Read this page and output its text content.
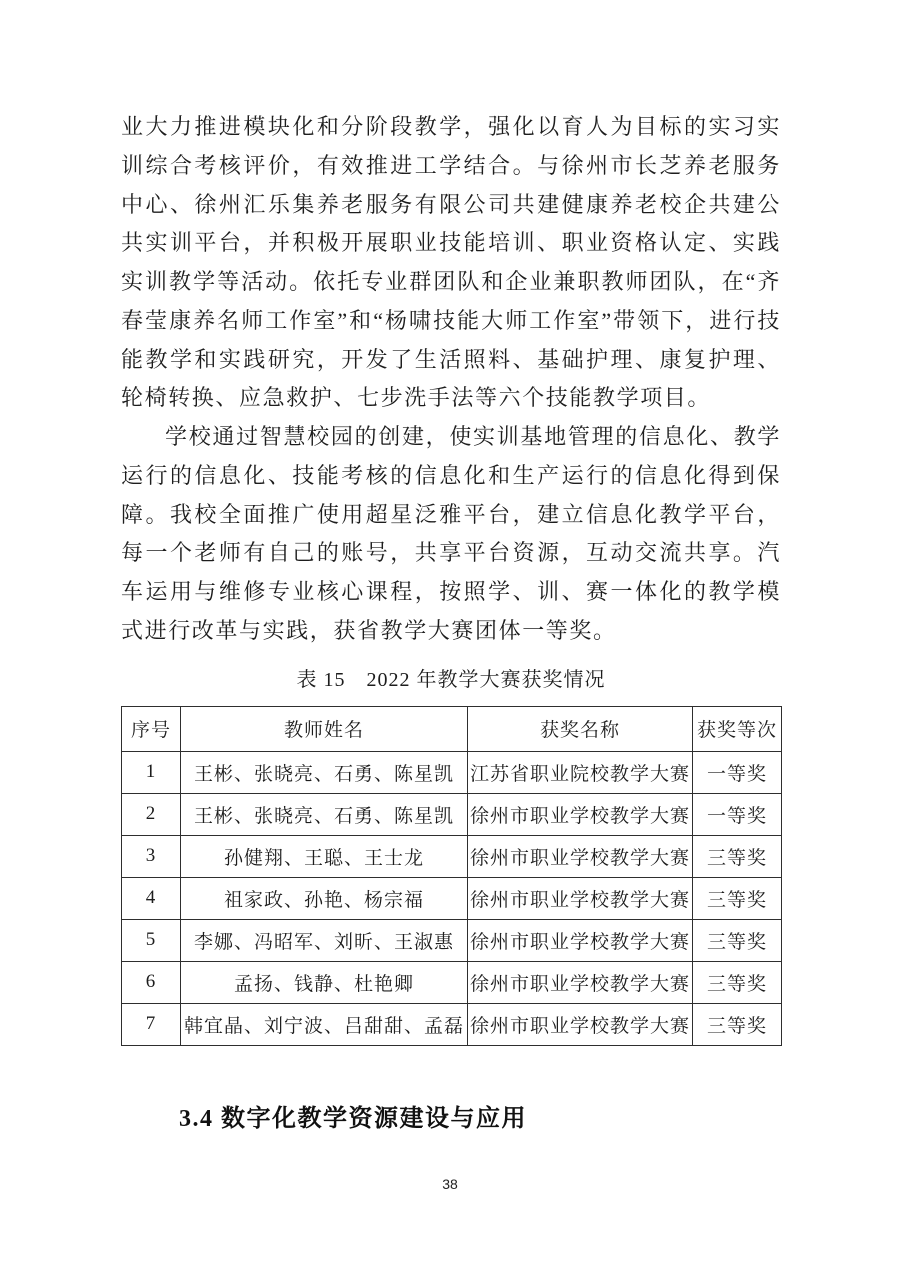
业大力推进模块化和分阶段教学，强化以育人为目标的实习实训综合考核评价，有效推进工学结合。与徐州市长芝养老服务中心、徐州汇乐集养老服务有限公司共建健康养老校企共建公共实训平台，并积极开展职业技能培训、职业资格认定、实践实训教学等活动。依托专业群团队和企业兼职教师团队，在“齐春莹康养名师工作室”和“杨啸技能大师工作室”带领下，进行技能教学和实践研究，开发了生活照料、基础护理、康复护理、轮椅转换、应急救护、七步洗手法等六个技能教学项目。

学校通过智慧校园的创建，使实训基地管理的信息化、教学运行的信息化、技能考核的信息化和生产运行的信息化得到保障。我校全面推广使用超星泛雅平台，建立信息化教学平台，每一个老师有自己的账号，共享平台资源，互动交流共享。汽车运用与维修专业核心课程，按照学、训、赛一体化的教学模式进行改革与实践，获省教学大赛团体一等奖。

表 15　2022 年教学大赛获奖情况
序号	教师姓名	获奖名称	获奖等次
1	王彬、张晓亮、石勇、陈星凯	江苏省职业院校教学大赛	一等奖
2	王彬、张晓亮、石勇、陈星凯	徐州市职业学校教学大赛	一等奖
3	孙健翔、王聪、王士龙	徐州市职业学校教学大赛	三等奖
4	祖家政、孙艳、杨宗福	徐州市职业学校教学大赛	三等奖
5	李娜、冯昭军、刘昕、王淑惠	徐州市职业学校教学大赛	三等奖
6	孟扬、钱静、杜艳卿	徐州市职业学校教学大赛	三等奖
7	韩宜晶、刘宁波、吕甜甜、孟磊	徐州市职业学校教学大赛	三等奖
3.4 数字化教学资源建设与应用
38
